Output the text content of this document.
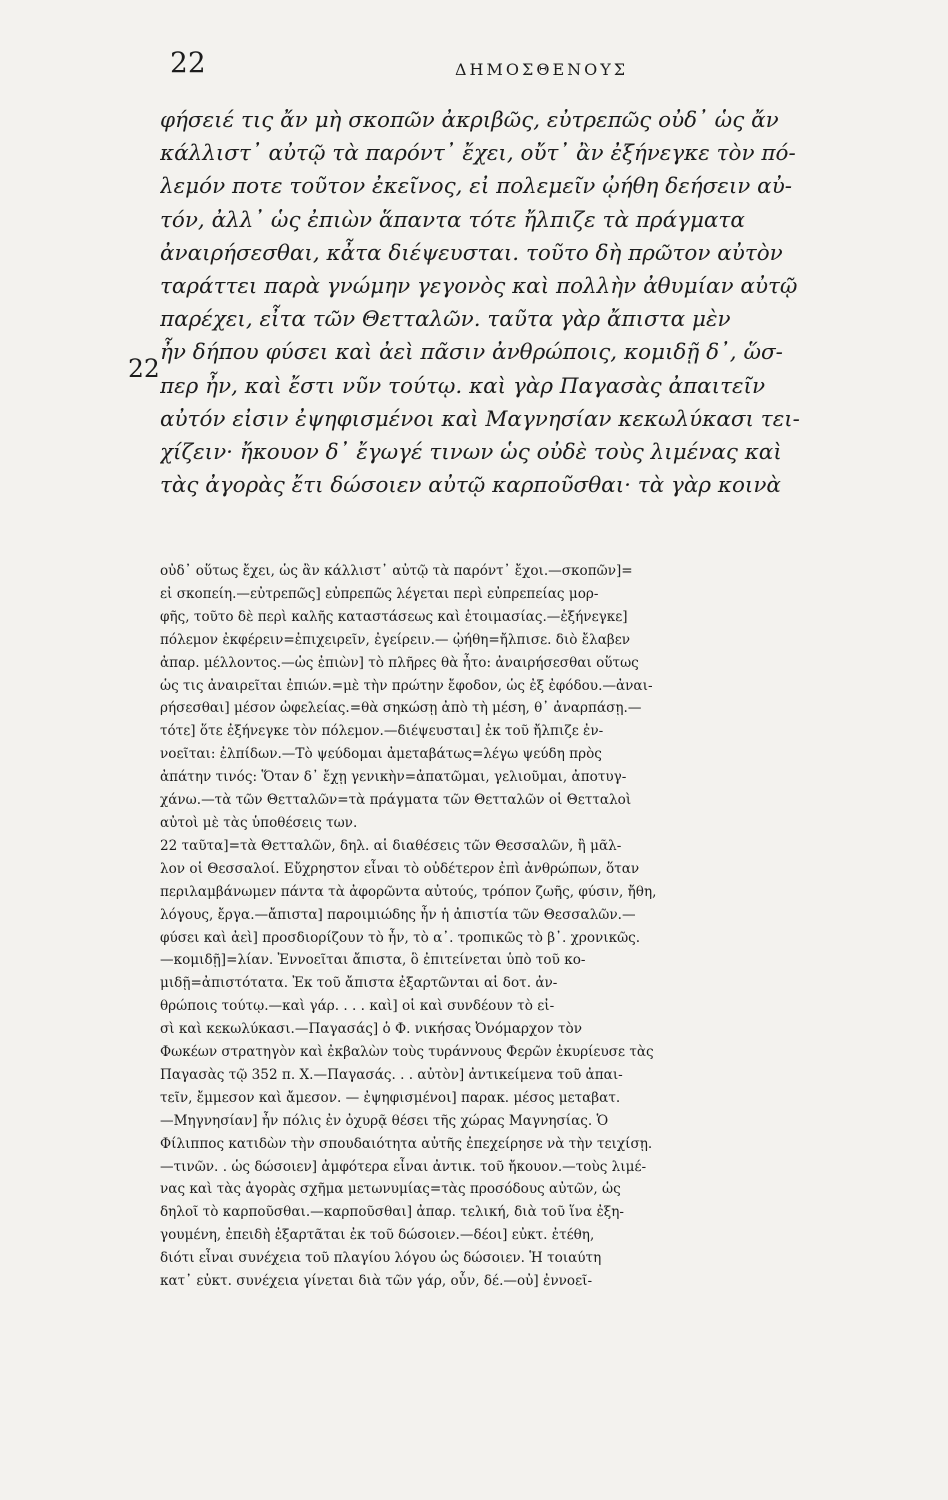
22	ΔΗΜΟΣΘΕΝΟΥΣ
22
φήσειέ τις ἄν μὴ σκοπῶν ἀκριβῶς, εὐτρεπῶς οὐδ᾽ ὡς ἄν
κάλλιστ᾽ αὐτῷ τὰ παρόντ᾽ ἔχει, οὔτ᾽ ἂν ἐξήνεγκε τὸν πό-
λεμόν ποτε τοῦτον ἐκεῖνος, εἰ πολεμεῖν ᾠήθη δεήσειν αὐ-
τόν, ἀλλ᾽ ὡς ἐπιὼν ἅπαντα τότε ἤλπιζε τὰ πράγματα
ἀναιρήσεσθαι, κἆτα διέψευσται. τοῦτο δὴ πρῶτον αὐτὸν
ταράττει παρὰ γνώμην γεγονὸς καὶ πολλὴν ἀθυμίαν αὐτῷ
παρέχει, εἶτα τῶν Θετταλῶν. ταῦτα γὰρ ἄπιστα μὲν
ἦν δήπου φύσει καὶ ἀεὶ πᾶσιν ἀνθρώποις, κομιδῇ δ᾽, ὥσ-
περ ἦν, καὶ ἔστι νῦν τούτῳ. καὶ γὰρ Παγασὰς ἀπαιτεῖν
αὐτόν εἰσιν ἐψηφισμένοι καὶ Μαγνησίαν κεκωλύκασι τει-
χίζειν· ἤκουον δ᾽ ἔγωγέ τινων ὡς οὐδὲ τοὺς λιμένας καὶ
τὰς ἀγορὰς ἔτι δώσοιεν αὐτῷ καρποῦσθαι· τὰ γὰρ κοινὰ
οὐδ᾽ οὕτως ἔχει, ὡς ἂν κάλλιστ᾽ αὐτῷ τὰ παρόντ᾽ ἔχοι.—σκοπῶν]=
εἰ σκοπείη.—εὐτρεπῶς] εὐπρεπῶς λέγεται περὶ εὐπρεπείας μορ-
φῆς, τοῦτο δὲ περὶ καλῆς καταστάσεως καὶ ἑτοιμασίας.—ἐξήνεγκε]
πόλεμον ἐκφέρειν=ἐπιχειρεῖν, ἐγείρειν.— ᾠήθη=ἤλπισε. διὸ ἔλαβεν
ἀπαρ. μέλλοντος.—ὡς ἐπιὼν] τὸ πλῆρες θὰ ἦτο: ἀναιρήσεσθαι οὕτως
ὡς τις ἀναιρεῖται ἐπιών.=μὲ τὴν πρώτην ἔφοδον, ὡς ἐξ ἐφόδου.—ἀναι-
ρήσεσθαι] μέσον ὠφελείας.=θὰ σηκώσῃ ἀπὸ τὴ μέση, θ᾽ ἀναρπάσῃ.—
τότε] ὅτε ἐξήνεγκε τὸν πόλεμον.—διέψευσται] ἐκ τοῦ ἤλπιζε ἐν-
νοεῖται: ἐλπίδων.—Τὸ ψεύδομαι ἀμεταβάτως=λέγω ψεύδη πρὸς
ἀπάτην τινός: Ὅταν δ᾽ ἔχῃ γενικὴν=ἀπατῶμαι, γελιοῦμαι, ἀποτυγ-
χάνω.—τὰ τῶν Θετταλῶν=τὰ πράγματα τῶν Θετταλῶν οἱ Θετταλοὶ
αὐτοὶ μὲ τὰς ὑποθέσεις των.
22 ταῦτα]=τὰ Θετταλῶν, δηλ. αἱ διαθέσεις τῶν Θεσσαλῶν, ἢ μᾶλ-
λον οἱ Θεσσαλοί. Εὔχρηστον εἶναι τὸ οὐδέτερον ἐπὶ ἀνθρώπων, ὅταν
περιλαμβάνωμεν πάντα τὰ ἀφορῶντα αὐτούς, τρόπον ζωῆς, φύσιν, ἤθη,
λόγους, ἔργα.—ἄπιστα] παροιμιώδης ἦν ἡ ἀπιστία τῶν Θεσσαλῶν.—
φύσει καὶ ἀεὶ] προσδιορίζουν τὸ ἦν, τὸ α᾽. τροπικῶς τὸ β᾽. χρονικῶς.
—κομιδῇ]=λίαν. Ἐννοεῖται ἄπιστα, ὃ ἐπιτείνεται ὑπὸ τοῦ κο-
μιδῇ=ἀπιστότατα. Ἐκ τοῦ ἄπιστα ἐξαρτῶνται αἱ δοτ. ἀν-
θρώποις τούτῳ.—καὶ γάρ. . . . καὶ] οἱ καὶ συνδέουν τὸ εἰ-
σὶ καὶ κεκωλύκασι.—Παγασάς] ὁ Φ. νικήσας Ὀνόμαρχον τὸν
Φωκέων στρατηγὸν καὶ ἐκβαλὼν τοὺς τυράννους Φερῶν ἐκυρίευσε τὰς
Παγασὰς τῷ 352 π. Χ.—Παγασάς. . . αὐτὸν] ἀντικείμενα τοῦ ἀπαι-
τεῖν, ἔμμεσον καὶ ἄμεσον. — ἐψηφισμένοι] παρακ. μέσος μεταβατ.
—Μηγνησίαν] ἦν πόλις ἐν ὀχυρᾷ θέσει τῆς χώρας Μαγνησίας. Ὁ
Φίλιππος κατιδὼν τὴν σπουδαιότητα αὐτῆς ἐπεχείρησε νὰ τὴν τειχίσῃ.
—τινῶν. . ὡς δώσοιεν] ἀμφότερα εἶναι ἀντικ. τοῦ ἤκουον.—τοὺς λιμέ-
νας καὶ τὰς ἀγορὰς σχῆμα μετωνυμίας=τὰς προσόδους αὐτῶν, ὡς
δηλοῖ τὸ καρποῦσθαι.—καρποῦσθαι] ἀπαρ. τελική, διὰ τοῦ ἵνα ἐξη-
γουμένη, ἐπειδὴ ἐξαρτᾶται ἐκ τοῦ δώσοιεν.—δέοι] εὐκτ. ἐτέθη,
διότι εἶναι συνέχεια τοῦ πλαγίου λόγου ὡς δώσοιεν. Ἡ τοιαύτη
κατ᾽ εὐκτ. συνέχεια γίνεται διὰ τῶν γάρ, οὖν, δέ.—οὐ] ἐννοεῖ-
